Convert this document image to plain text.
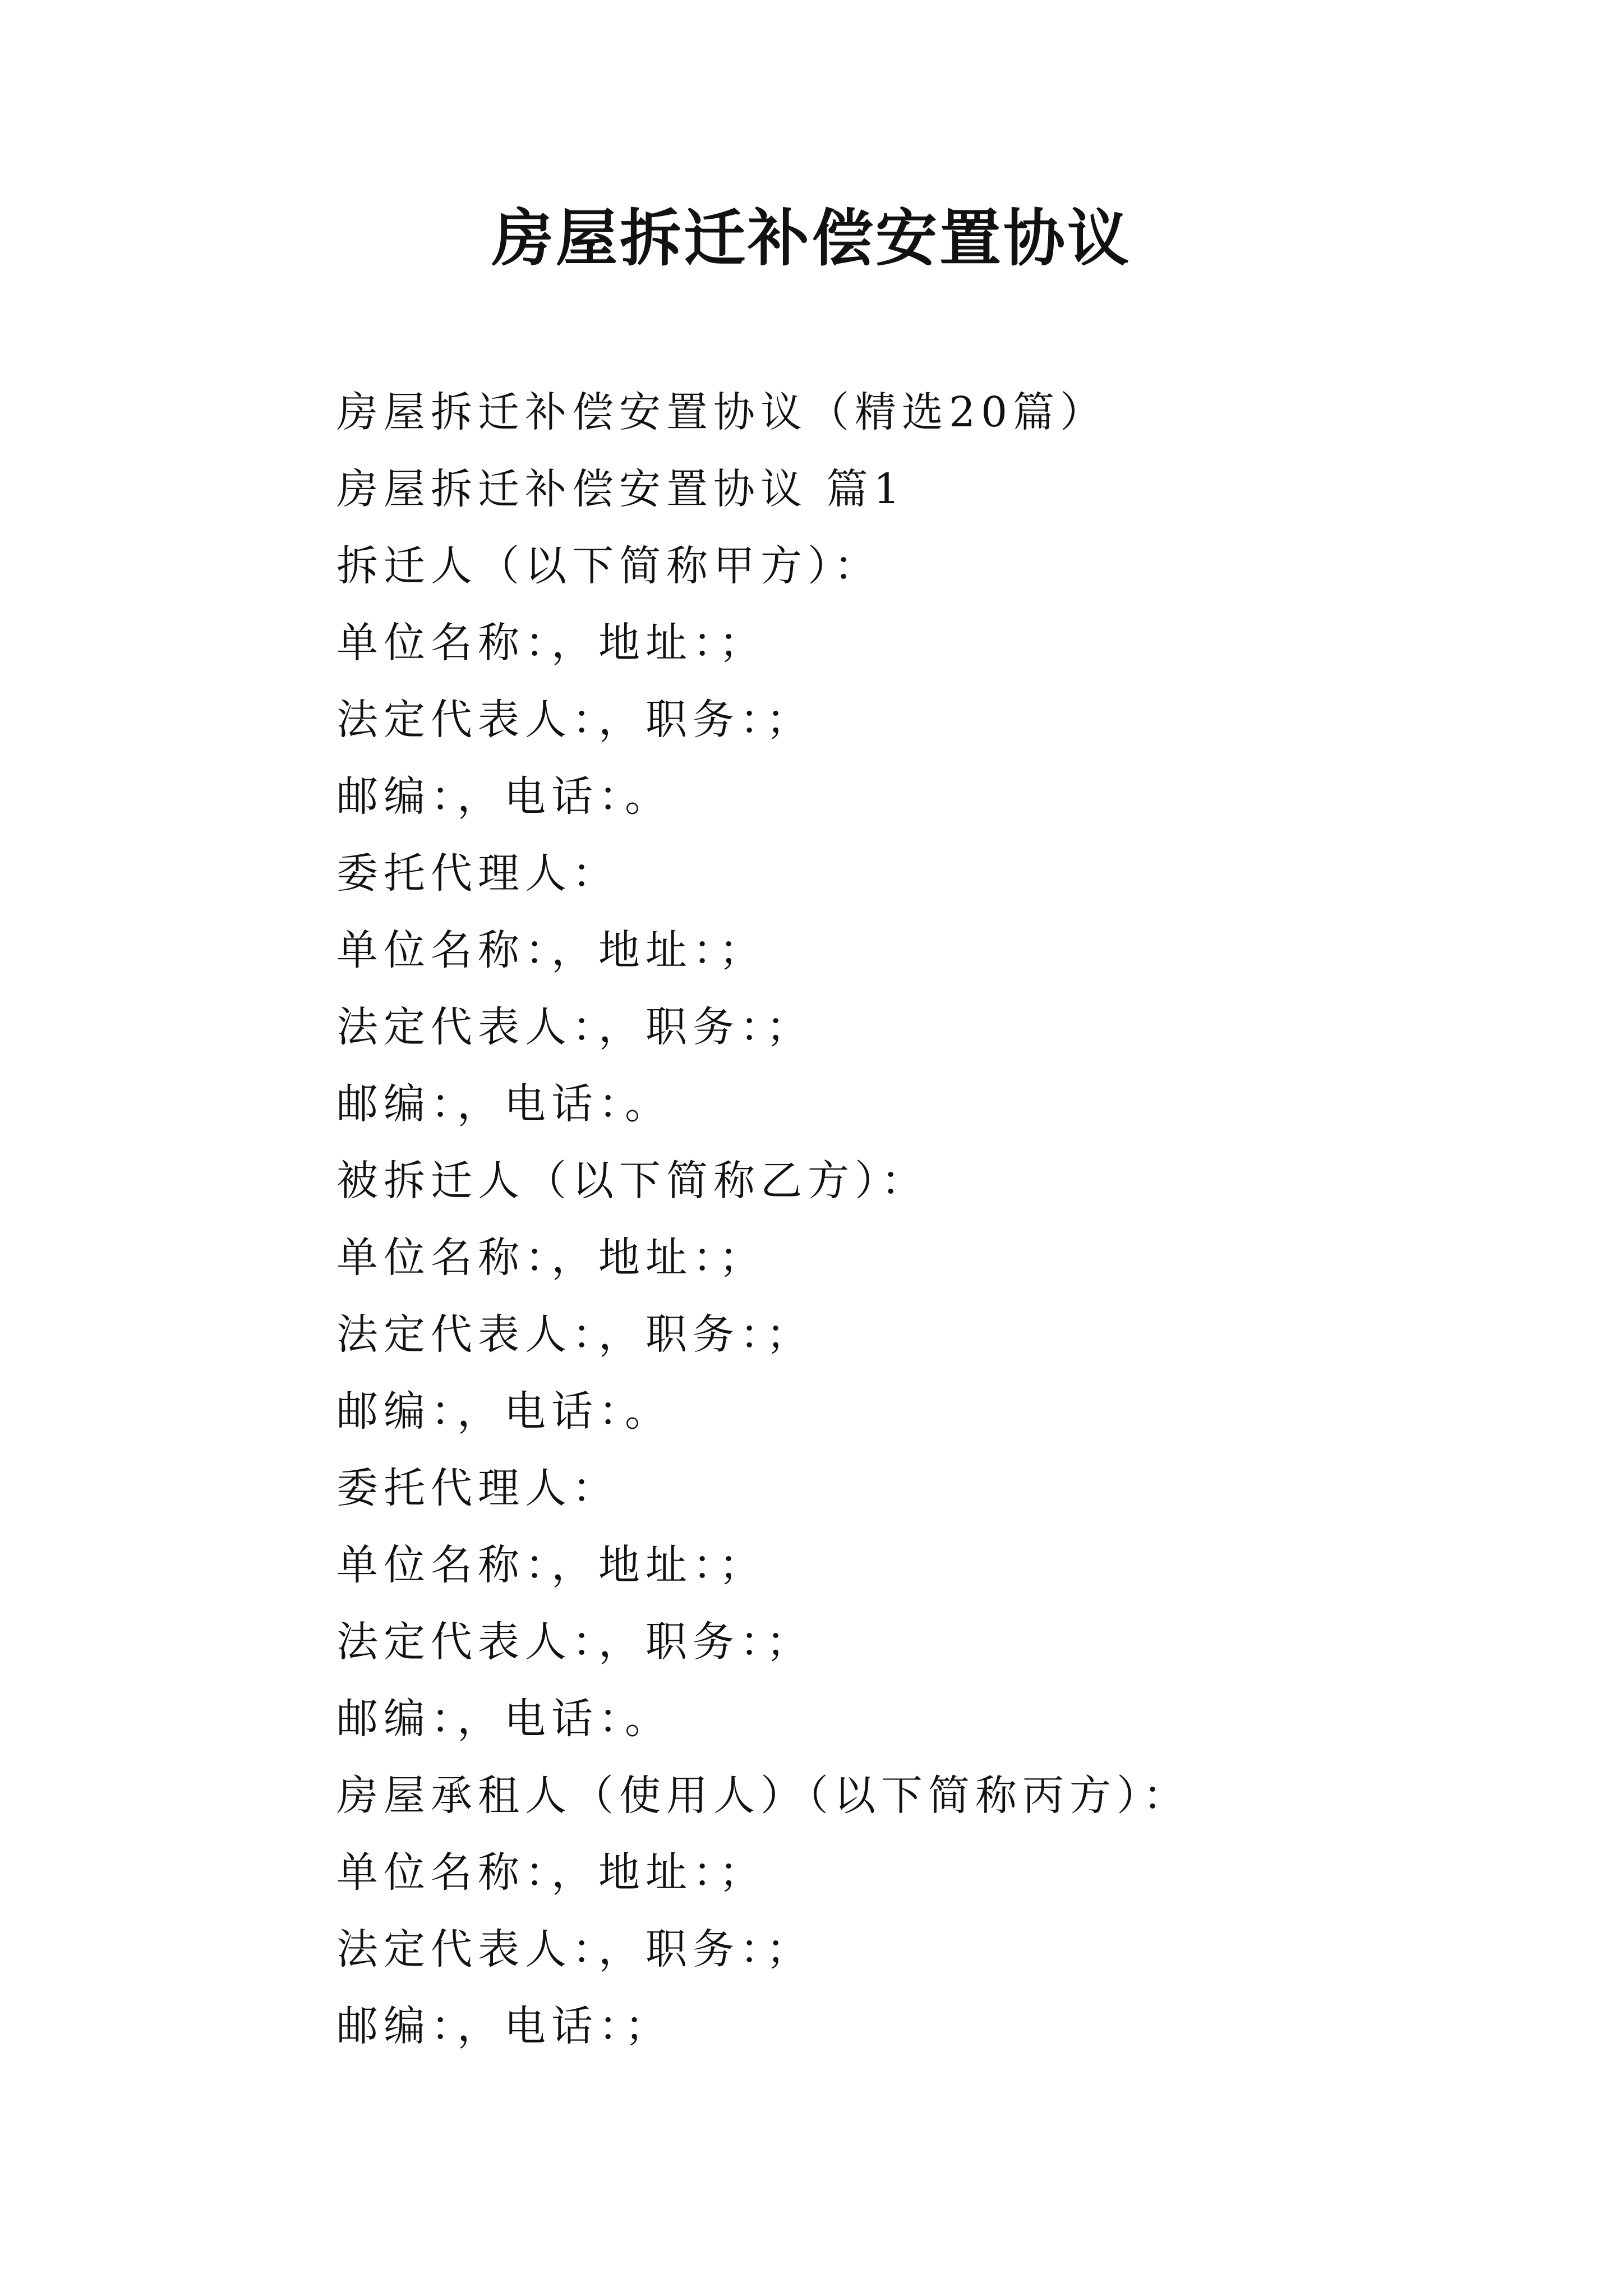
房屋拆迁补偿安置协议
房屋拆迁补偿安置协议（精选20篇）
房屋拆迁补偿安置协议 篇1
拆迁人（以下简称甲方）：
单位名称：，地址：；
法定代表人：，职务：；
邮编：，电话：。
委托代理人：
单位名称：，地址：；
法定代表人：，职务：；
邮编：，电话：。
被拆迁人（以下简称乙方）：
单位名称：，地址：；
法定代表人：，职务：；
邮编：，电话：。
委托代理人：
单位名称：，地址：；
法定代表人：，职务：；
邮编：，电话：。
房屋承租人（使用人）（以下简称丙方）：
单位名称：，地址：；
法定代表人：，职务：；
邮编：，电话：；
